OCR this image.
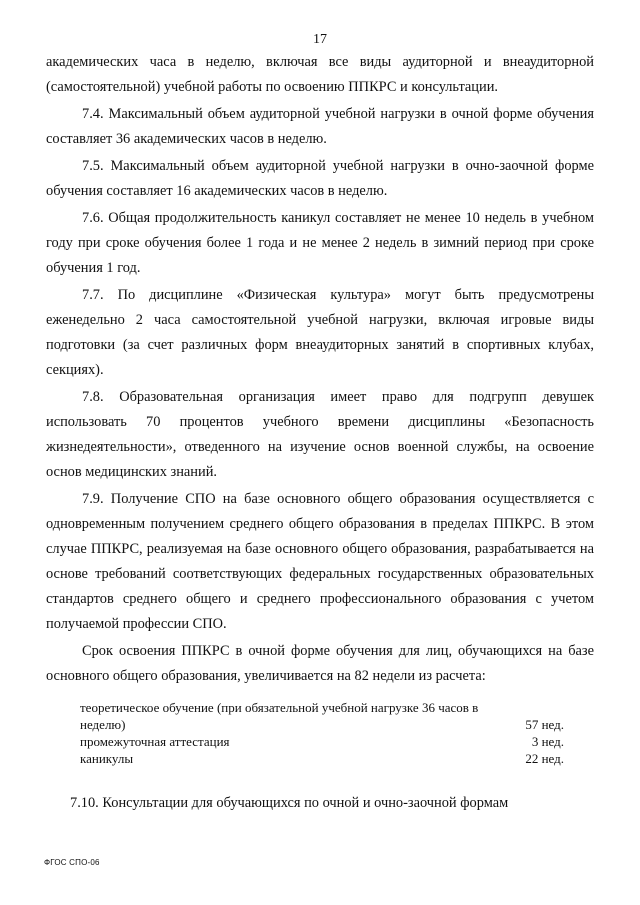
17

академических часа в неделю, включая все виды аудиторной и внеаудиторной (самостоятельной) учебной работы по освоению ППКРС и консультации.

7.4. Максимальный объем аудиторной учебной нагрузки в очной форме обучения составляет 36 академических часов в неделю.

7.5. Максимальный объем аудиторной учебной нагрузки в очно-заочной форме обучения составляет 16 академических часов в неделю.

7.6. Общая продолжительность каникул составляет не менее 10 недель в учебном году при сроке обучения более 1 года и не менее 2 недель в зимний период при сроке обучения 1 год.

7.7. По дисциплине «Физическая культура» могут быть предусмотрены еженедельно 2 часа самостоятельной учебной нагрузки, включая игровые виды подготовки (за счет различных форм внеаудиторных занятий в спортивных клубах, секциях).

7.8. Образовательная организация имеет право для подгрупп девушек использовать 70 процентов учебного времени дисциплины «Безопасность жизнедеятельности», отведенного на изучение основ военной службы, на освоение основ медицинских знаний.

7.9. Получение СПО на базе основного общего образования осуществляется с одновременным получением среднего общего образования в пределах ППКРС. В этом случае ППКРС, реализуемая на базе основного общего образования, разрабатывается на основе требований соответствующих федеральных государственных образовательных стандартов среднего общего и среднего профессионального образования с учетом получаемой профессии СПО.

Срок освоения ППКРС в очной форме обучения для лиц, обучающихся на базе основного общего образования, увеличивается на 82 недели из расчета:

теоретическое обучение (при обязательной учебной нагрузке 36 часов в неделю)	57 нед.
промежуточная аттестация	3 нед.
каникулы	22 нед.

7.10. Консультации для обучающихся по очной и очно-заочной формам

ФГОС СПО-06
